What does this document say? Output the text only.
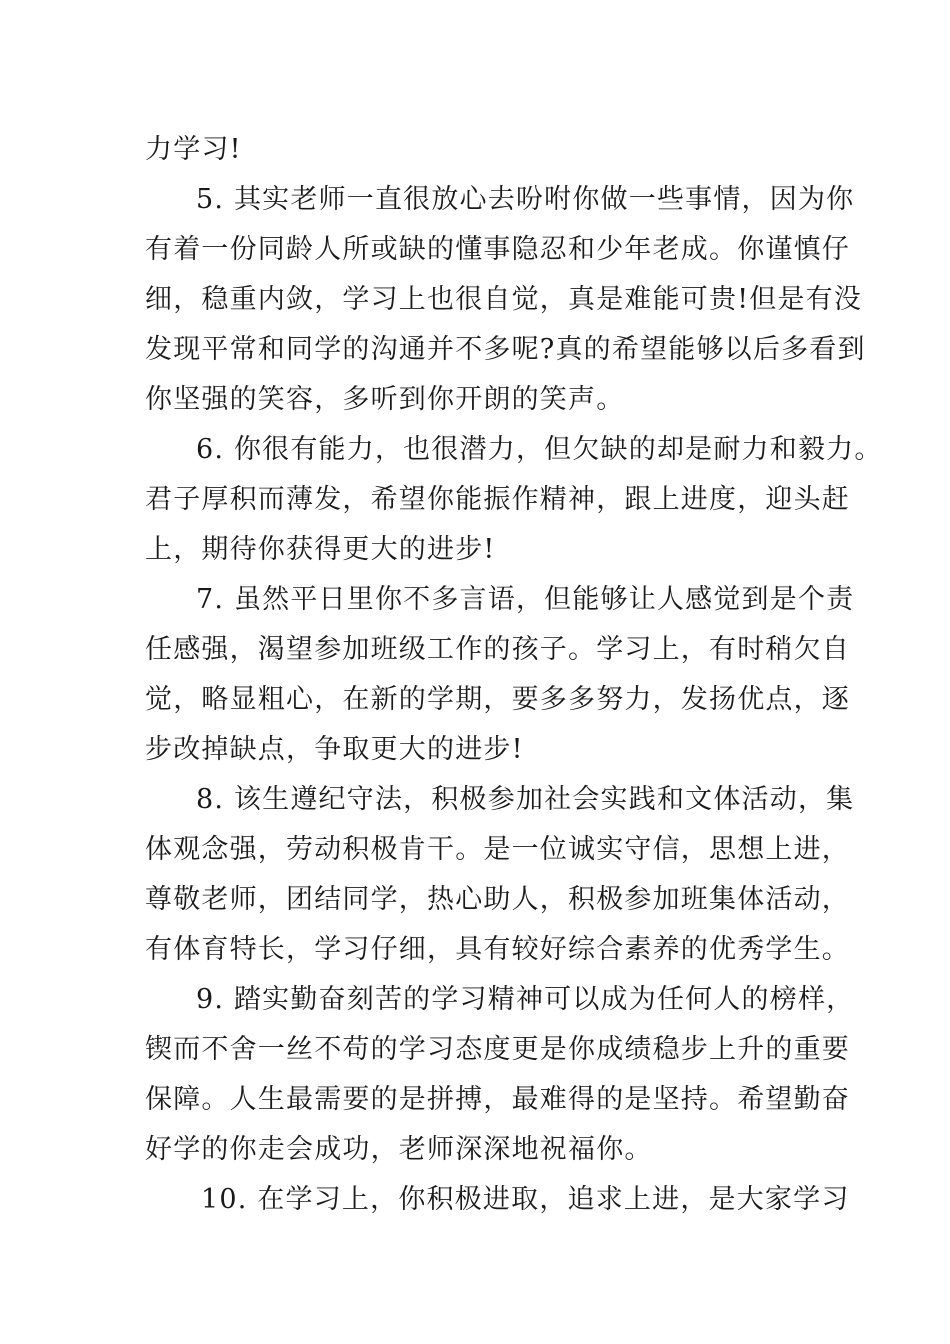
力学习!
5. 其实老师一直很放心去吩咐你做一些事情，因为你
有着一份同龄人所或缺的懂事隐忍和少年老成。你谨慎仔
细，稳重内敛，学习上也很自觉，真是难能可贵!但是有没
发现平常和同学的沟通并不多呢?真的希望能够以后多看到
你坚强的笑容，多听到你开朗的笑声。
6. 你很有能力，也很潜力，但欠缺的却是耐力和毅力。
君子厚积而薄发，希望你能振作精神，跟上进度，迎头赶
上，期待你获得更大的进步!
7. 虽然平日里你不多言语，但能够让人感觉到是个责
任感强，渴望参加班级工作的孩子。学习上，有时稍欠自
觉，略显粗心，在新的学期，要多多努力，发扬优点，逐
步改掉缺点，争取更大的进步!
8. 该生遵纪守法，积极参加社会实践和文体活动，集
体观念强，劳动积极肯干。是一位诚实守信，思想上进，
尊敬老师，团结同学，热心助人，积极参加班集体活动，
有体育特长，学习仔细，具有较好综合素养的优秀学生。
9. 踏实勤奋刻苦的学习精神可以成为任何人的榜样，
锲而不舍一丝不苟的学习态度更是你成绩稳步上升的重要
保障。人生最需要的是拼搏，最难得的是坚持。希望勤奋
好学的你走会成功，老师深深地祝福你。
10. 在学习上，你积极进取，追求上进，是大家学习
